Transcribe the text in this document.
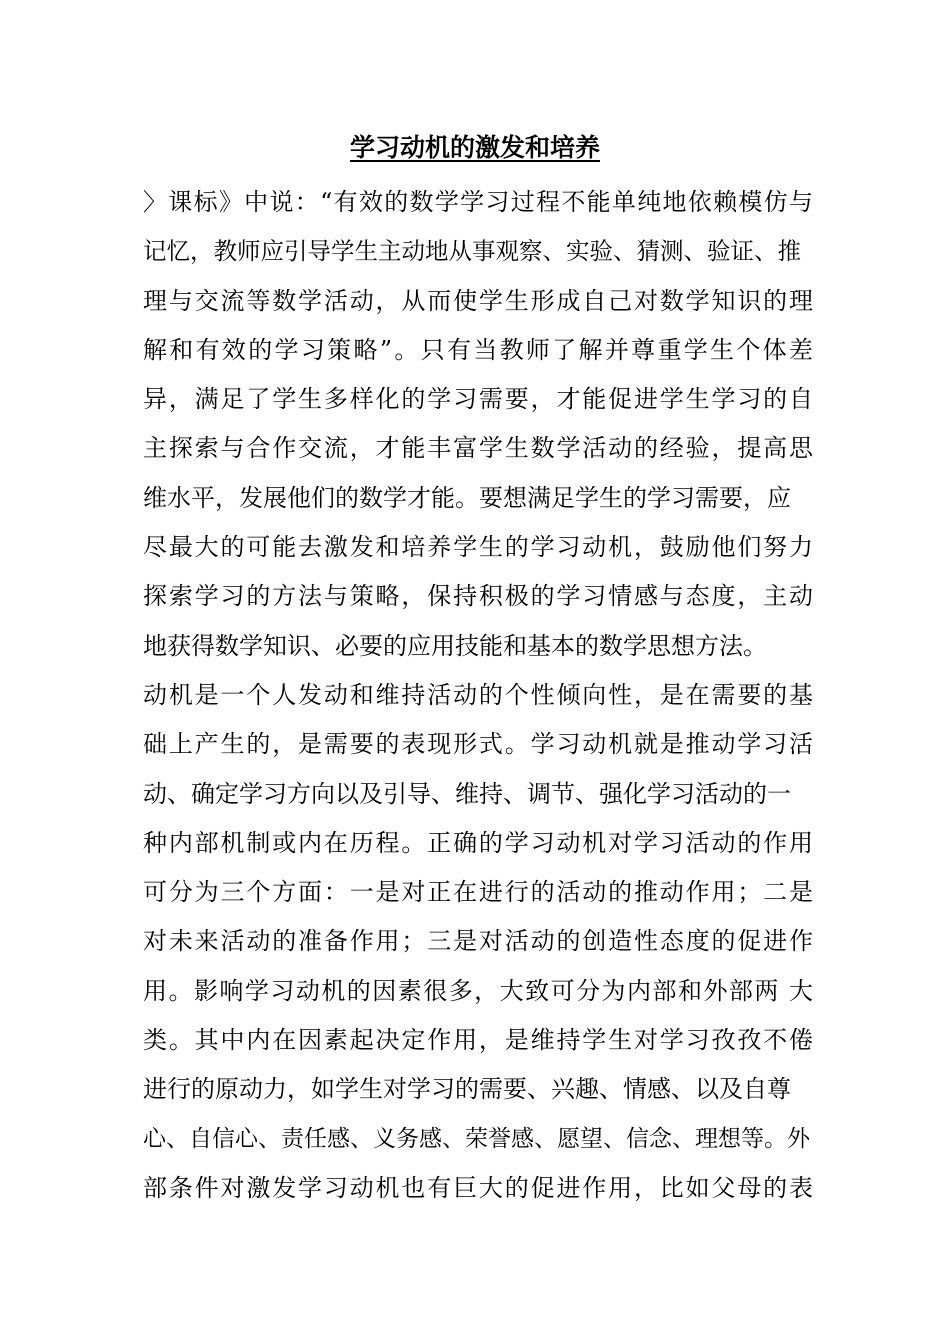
学习动机的激发和培养
〉课标》中说：“有效的数学学习过程不能单纯地依赖模仿与
记忆，教师应引导学生主动地从事观察、实验、猜测、验证、推
理与交流等数学活动，从而使学生形成自己对数学知识的理
解和有效的学习策略”。只有当教师了解并尊重学生个体差
异，满足了学生多样化的学习需要，才能促进学生学习的自
主探索与合作交流，才能丰富学生数学活动的经验，提高思
维水平，发展他们的数学才能。要想满足学生的学习需要，应
尽最大的可能去激发和培养学生的学习动机，鼓励他们努力
探索学习的方法与策略，保持积极的学习情感与态度，主动
地获得数学知识、必要的应用技能和基本的数学思想方法。
动机是一个人发动和维持活动的个性倾向性，是在需要的基
础上产生的，是需要的表现形式。学习动机就是推动学习活
动、确定学习方向以及引导、维持、调节、强化学习活动的一
种内部机制或内在历程。正确的学习动机对学习活动的作用
可分为三个方面：一是对正在进行的活动的推动作用；二是
对未来活动的准备作用；三是对活动的创造性态度的促进作
用。影响学习动机的因素很多，大致可分为内部和外部两 大
类。其中内在因素起决定作用，是维持学生对学习孜孜不倦
进行的原动力，如学生对学习的需要、兴趣、情感、以及自尊
心、自信心、责任感、义务感、荣誉感、愿望、信念、理想等。外
部条件对激发学习动机也有巨大的促进作用，比如父母的表
